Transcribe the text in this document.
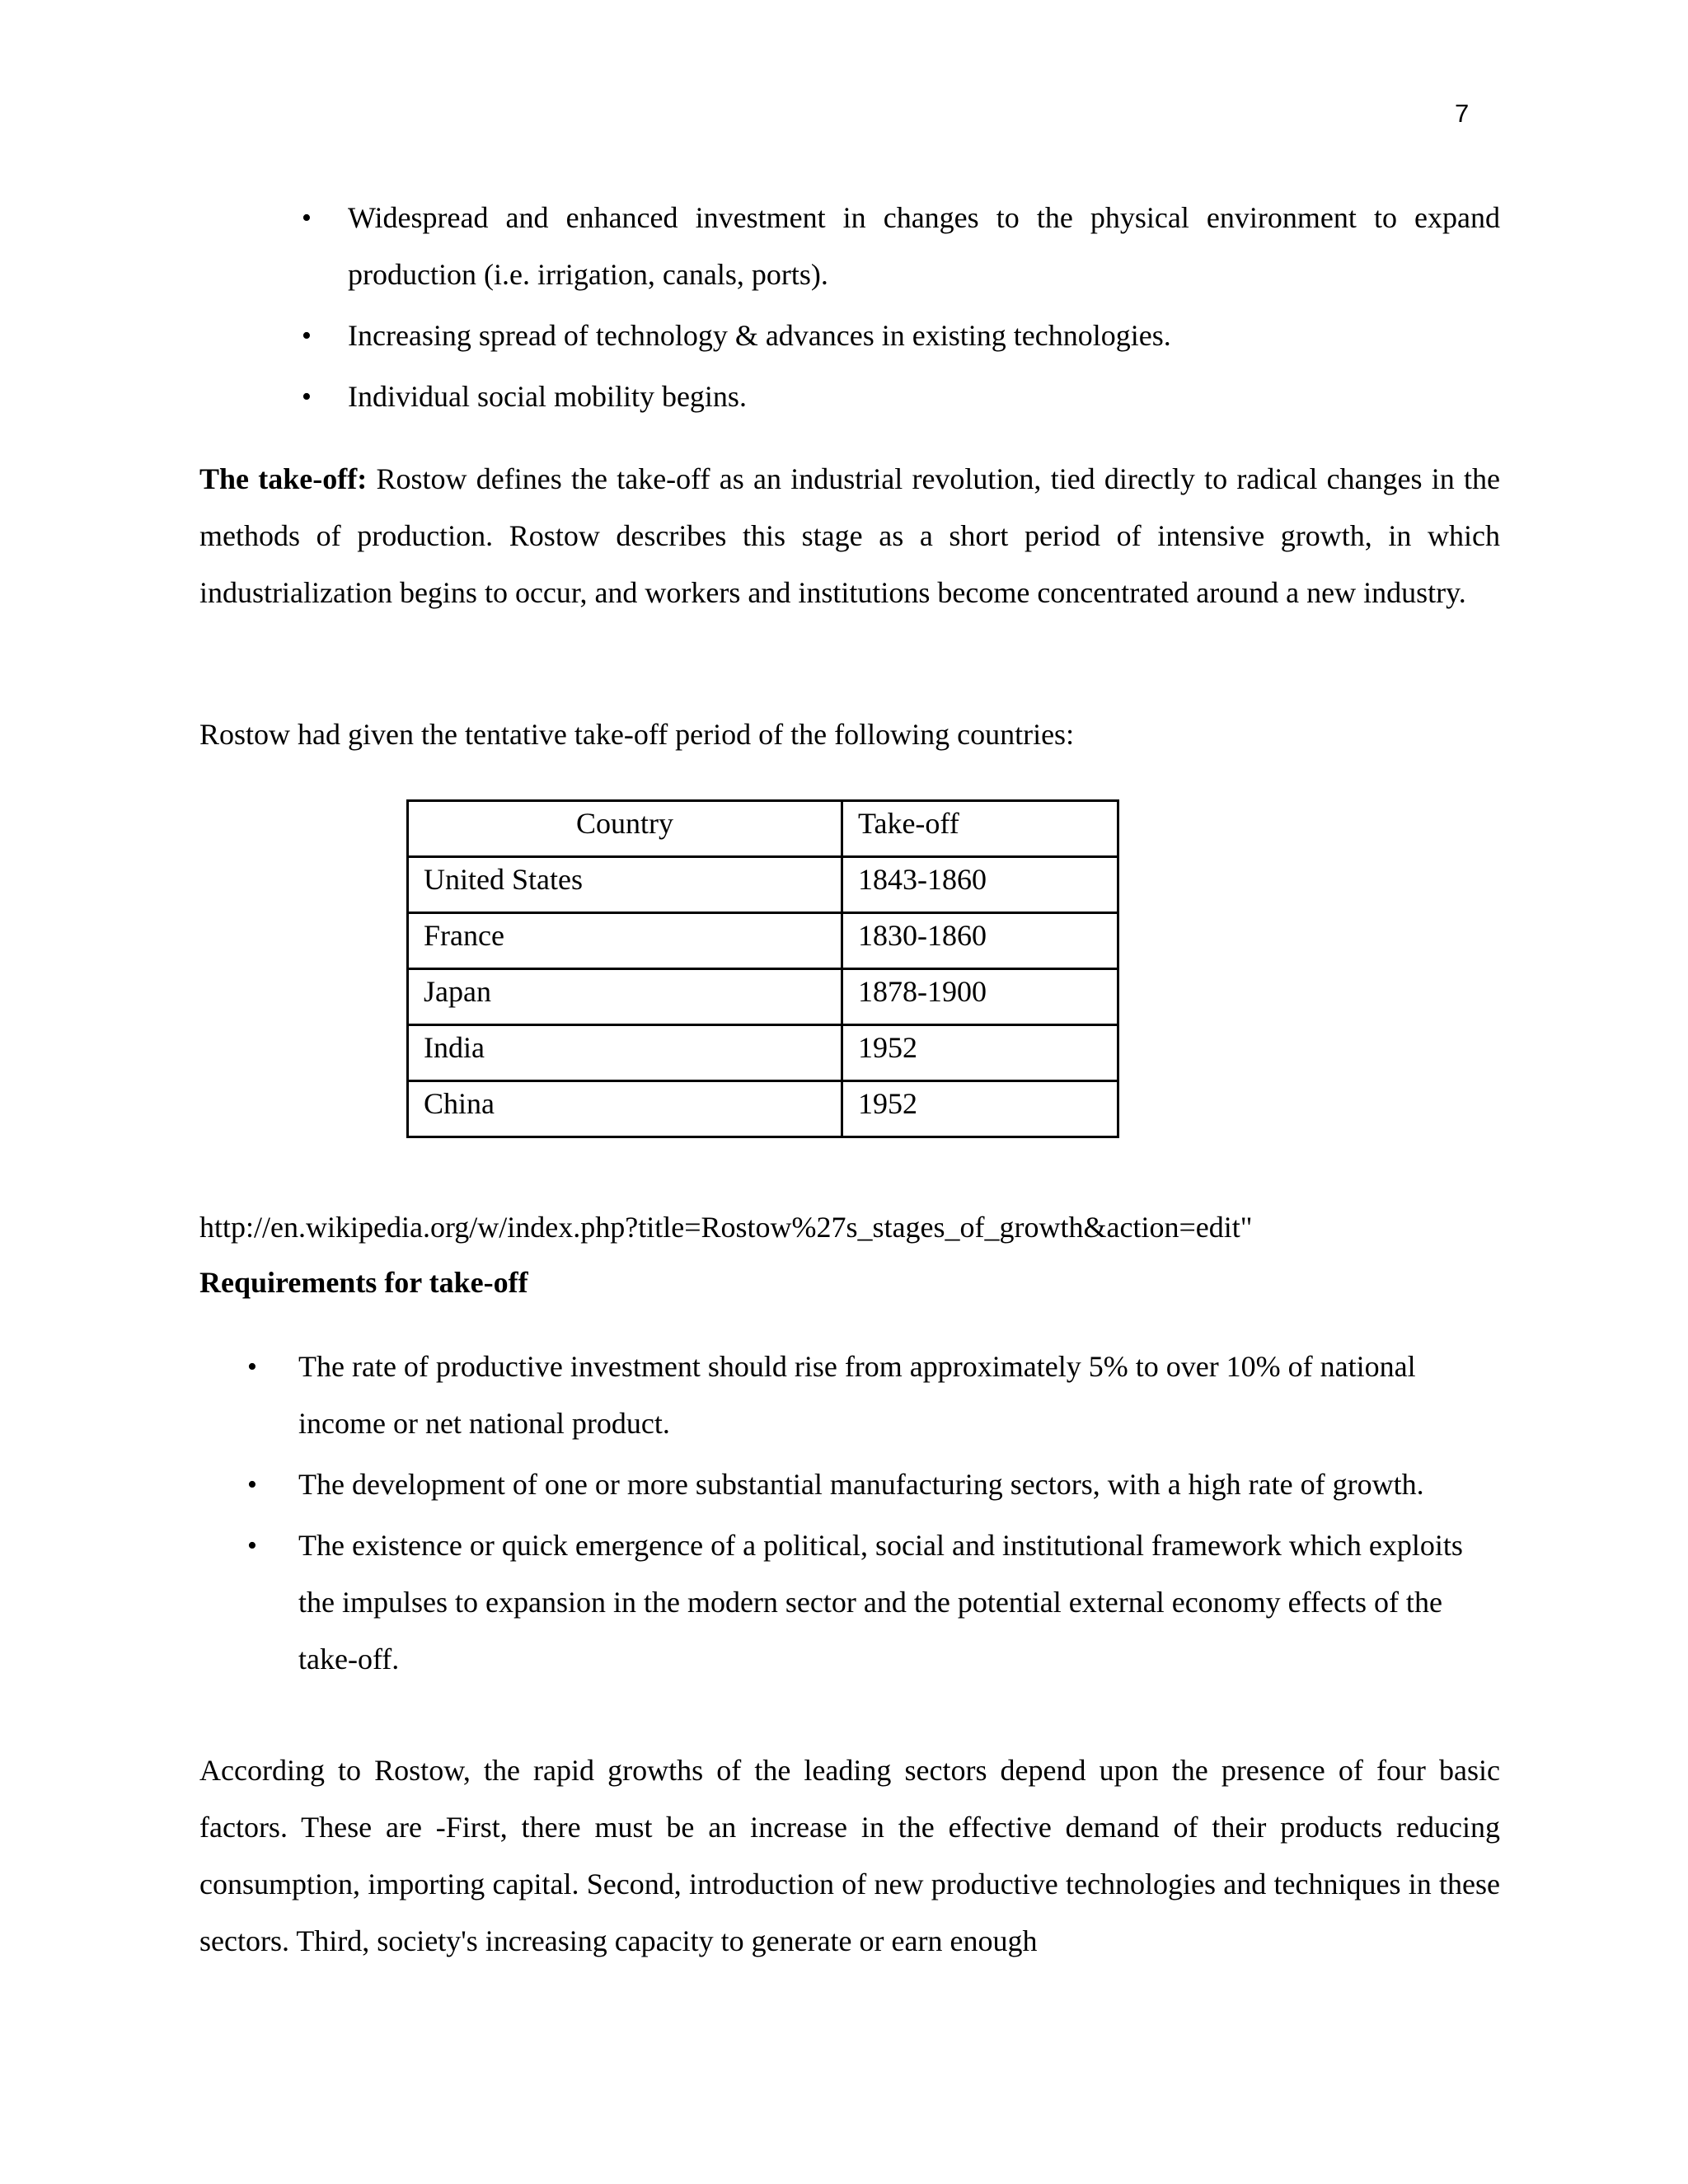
7
• Widespread and enhanced investment in changes to the physical environment to expand production (i.e. irrigation, canals, ports).
• Increasing spread of technology & advances in existing technologies.
• Individual social mobility begins.
The take-off: Rostow defines the take-off as an industrial revolution, tied directly to radical changes in the methods of production. Rostow describes this stage as a short period of intensive growth, in which industrialization begins to occur, and workers and institutions become concentrated around a new industry.
Rostow had given the tentative take-off period of the following countries:
Country	Take-off
United States	1843-1860
France	1830-1860
Japan	1878-1900
India	1952
China	1952
http://en.wikipedia.org/w/index.php?title=Rostow%27s_stages_of_growth&action=edit"
Requirements for take-off
• The rate of productive investment should rise from approximately 5% to over 10% of national income or net national product.
• The development of one or more substantial manufacturing sectors, with a high rate of growth.
• The existence or quick emergence of a political, social and institutional framework which exploits the impulses to expansion in the modern sector and the potential external economy effects of the take-off.
According to Rostow, the rapid growths of the leading sectors depend upon the presence of four basic factors. These are -First, there must be an increase in the effective demand of their products reducing consumption, importing capital. Second, introduction of new productive technologies and techniques in these sectors. Third, society's increasing capacity to generate or earn enough
